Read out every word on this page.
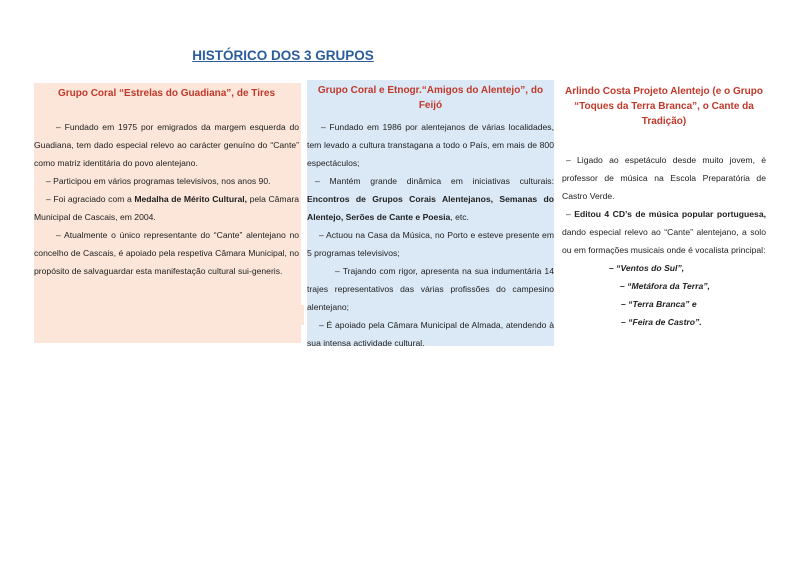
HISTÓRICO DOS 3 GRUPOS
Grupo Coral “Estrelas do Guadiana”, de Tires

– Fundado em 1975 por emigrados da margem esquerda do Guadiana, tem dado especial relevo ao carácter genuíno do “Cante” como matriz identitária do povo alentejano.

– Participou em vários programas televisivos, nos anos 90.

– Foi agraciado com a Medalha de Mérito Cultural, pela Câmara Municipal de Cascais, em 2004.

– Atualmente o único representante do “Cante” alentejano no concelho de Cascais, é apoiado pela respetiva Câmara Municipal, no propósito de salvaguardar esta manifestação cultural sui-generis.

Grupo Coral e Etnogr.“Amigos do Alentejo”, do Feijó

– Fundado em 1986 por alentejanos de várias localidades, tem levado a cultura transtagana a todo o País, em mais de 800 espectáculos;

– Mantém grande dinâmica em iniciativas culturais: Encontros de Grupos Corais Alentejanos, Semanas do Alentejo, Serões de Cante e Poesia, etc.

– Actuou na Casa da Música, no Porto e esteve presente em 5 programas televisivos;

– Trajando com rigor, apresenta na sua indumentária 14 trajes representativos das várias profissões do campesino alentejano;

– É apoiado pela Câmara Municipal de Almada, atendendo à sua intensa actividade cultural.

Arlindo Costa Projeto Alentejo (e o Grupo “Toques da Terra Branca”, o Cante da Tradição)

– Ligado ao espetáculo desde muito jovem, é professor de música na Escola Preparatória de Castro Verde.

– Editou 4 CD’s de música popular portuguesa, dando especial relevo ao “Cante” alentejano, a solo ou em formações musicais onde é vocalista principal:

– “Ventos do Sul”,

– “Metáfora da Terra”,

– “Terra Branca” e

– “Feira de Castro”.
